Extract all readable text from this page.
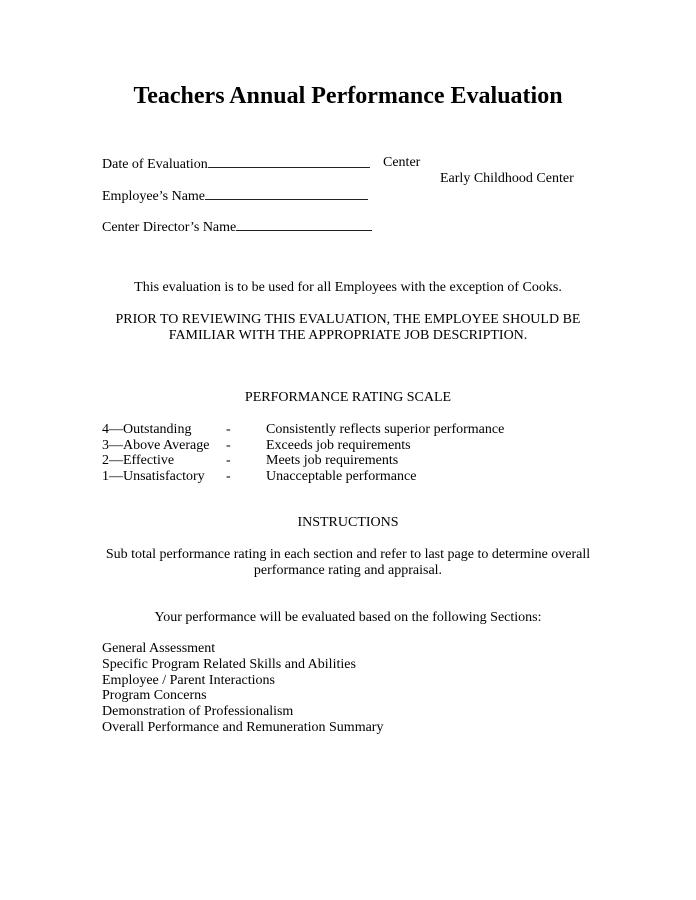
Teachers Annual Performance Evaluation
Date of Evaluation	Center
Early Childhood Center
Employee’s Name
Center Director’s Name
This evaluation is to be used for all Employees with the exception of Cooks.
PRIOR TO REVIEWING THIS EVALUATION, THE EMPLOYEE SHOULD BE
FAMILIAR WITH THE APPROPRIATE JOB DESCRIPTION.
PERFORMANCE RATING SCALE
4—Outstanding -	Consistently reflects superior performance
3—Above Average -	Exceeds job requirements
2—Effective	-	Meets job requirements
1—Unsatisfactory -	Unacceptable performance
INSTRUCTIONS
Sub total performance rating in each section and refer to last page to determine overall
performance rating and appraisal.
Your performance will be evaluated based on the following Sections:
General Assessment
Specific Program Related Skills and Abilities
Employee / Parent Interactions
Program Concerns
Demonstration of Professionalism
Overall Performance and Remuneration Summary
